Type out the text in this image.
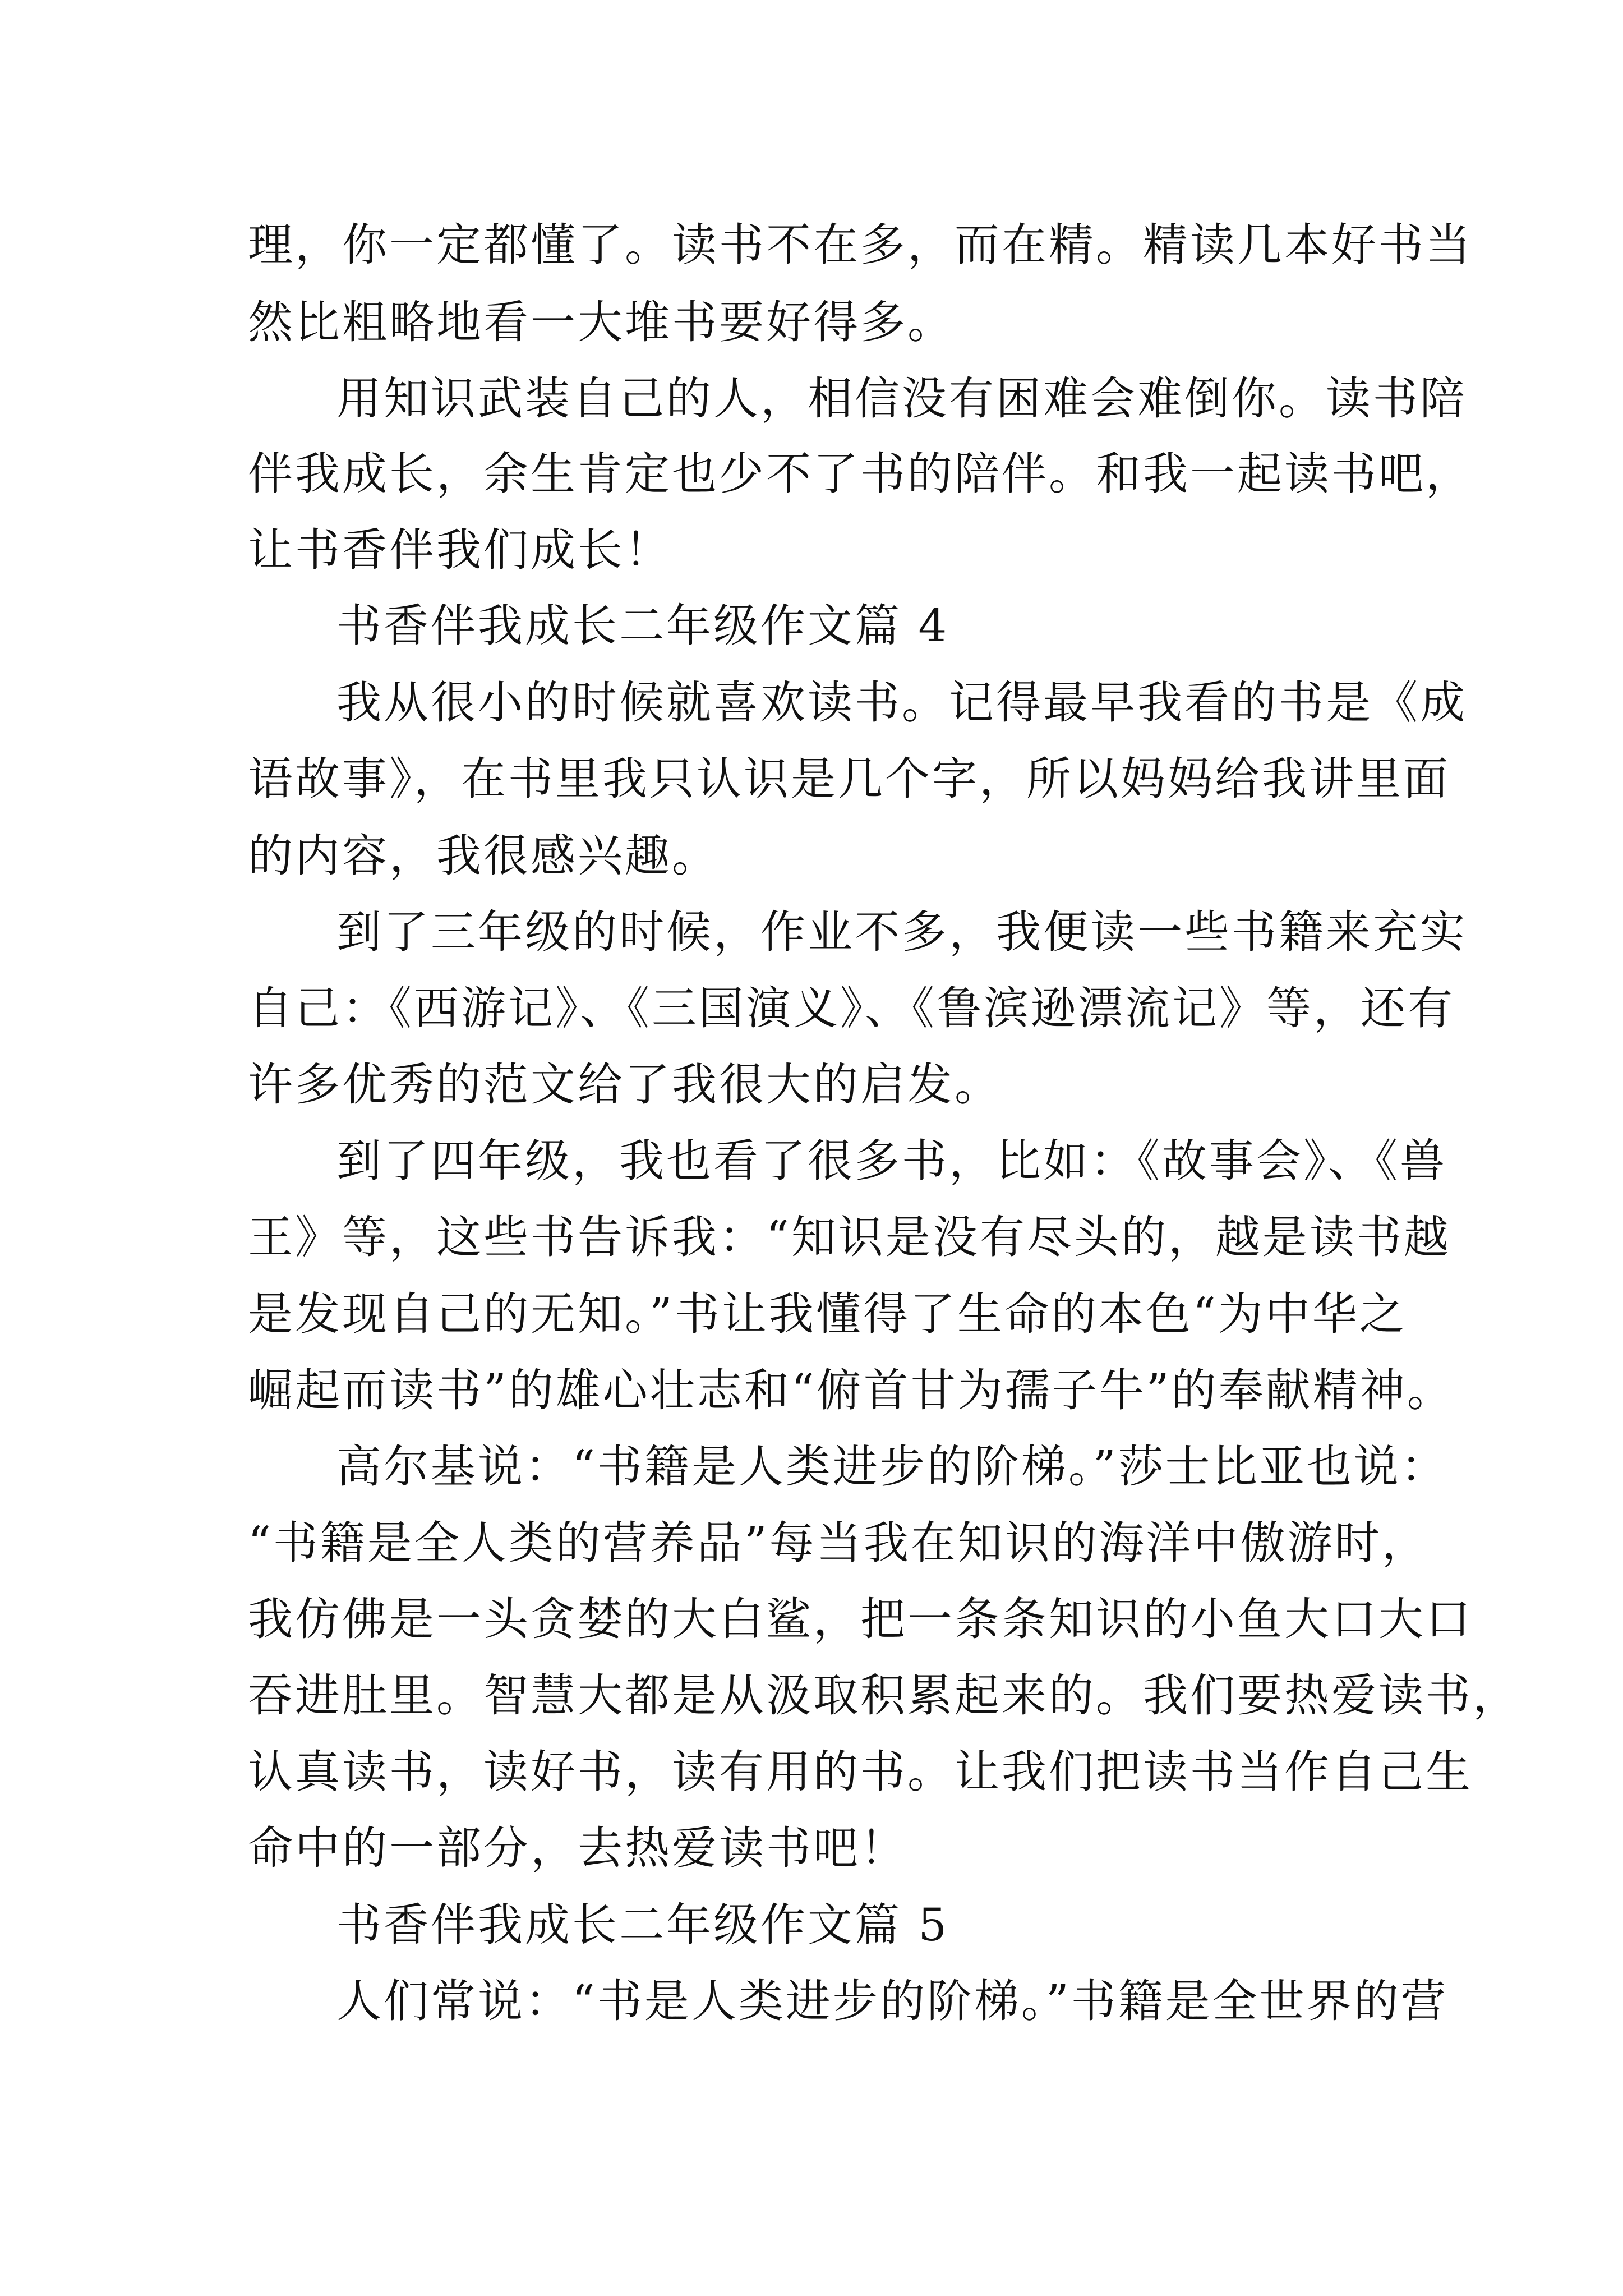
理，你一定都懂了。读书不在多，而在精。精读几本好书当

然比粗略地看一大堆书要好得多。

用知识武装自己的人，相信没有困难会难倒你。读书陪

伴我成长，余生肯定也少不了书的陪伴。和我一起读书吧，

让书香伴我们成长！

书香伴我成长二年级作文篇 4

我从很小的时候就喜欢读书。记得最早我看的书是《成

语故事》，在书里我只认识是几个字，所以妈妈给我讲里面

的内容，我很感兴趣。

到了三年级的时候，作业不多，我便读一些书籍来充实

自己：《西游记》、《三国演义》、《鲁滨逊漂流记》等，还有

许多优秀的范文给了我很大的启发。

到了四年级，我也看了很多书，比如：《故事会》、《兽

王》等，这些书告诉我：“知识是没有尽头的，越是读书越

是发现自己的无知。”书让我懂得了生命的本色“为中华之

崛起而读书”的雄心壮志和“俯首甘为孺子牛”的奉献精神。

高尔基说：“书籍是人类进步的阶梯。”莎士比亚也说：

“书籍是全人类的营养品”每当我在知识的海洋中傲游时，

我仿佛是一头贪婪的大白鲨，把一条条知识的小鱼大口大口

吞进肚里。智慧大都是从汲取积累起来的。我们要热爱读书，

认真读书，读好书，读有用的书。让我们把读书当作自己生

命中的一部分，去热爱读书吧！

书香伴我成长二年级作文篇 5

人们常说：“书是人类进步的阶梯。”书籍是全世界的营
